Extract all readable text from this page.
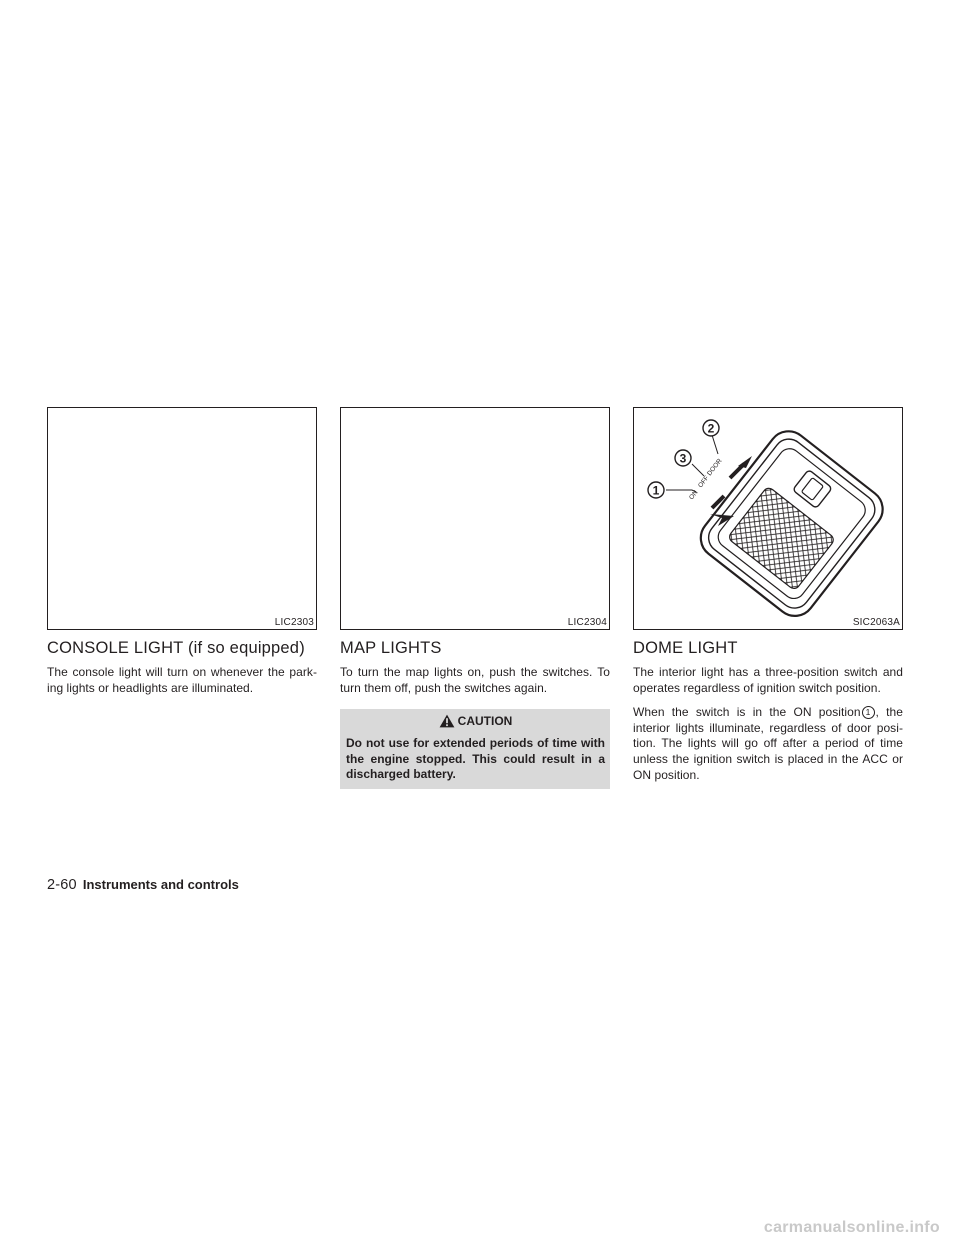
LIC2303
CONSOLE LIGHT (if so equipped)

The console light will turn on whenever the park-ing lights or headlights are illuminated.

LIC2304
MAP LIGHTS

To turn the map lights on, push the switches. To turn them off, push the switches again.

CAUTION
Do not use for extended periods of time with the engine stopped. This could result in a discharged battery.
ON
OFF
DOOR
1
2
3
SIC2063A
DOME LIGHT

The interior light has a three-position switch and operates regardless of ignition switch position.

When the switch is in the ON position 1 , the interior lights illuminate, regardless of door posi-tion. The lights will go off after a period of time unless the ignition switch is placed in the ACC or ON position.

2-60 Instruments and controls
carmanualsonline.info
